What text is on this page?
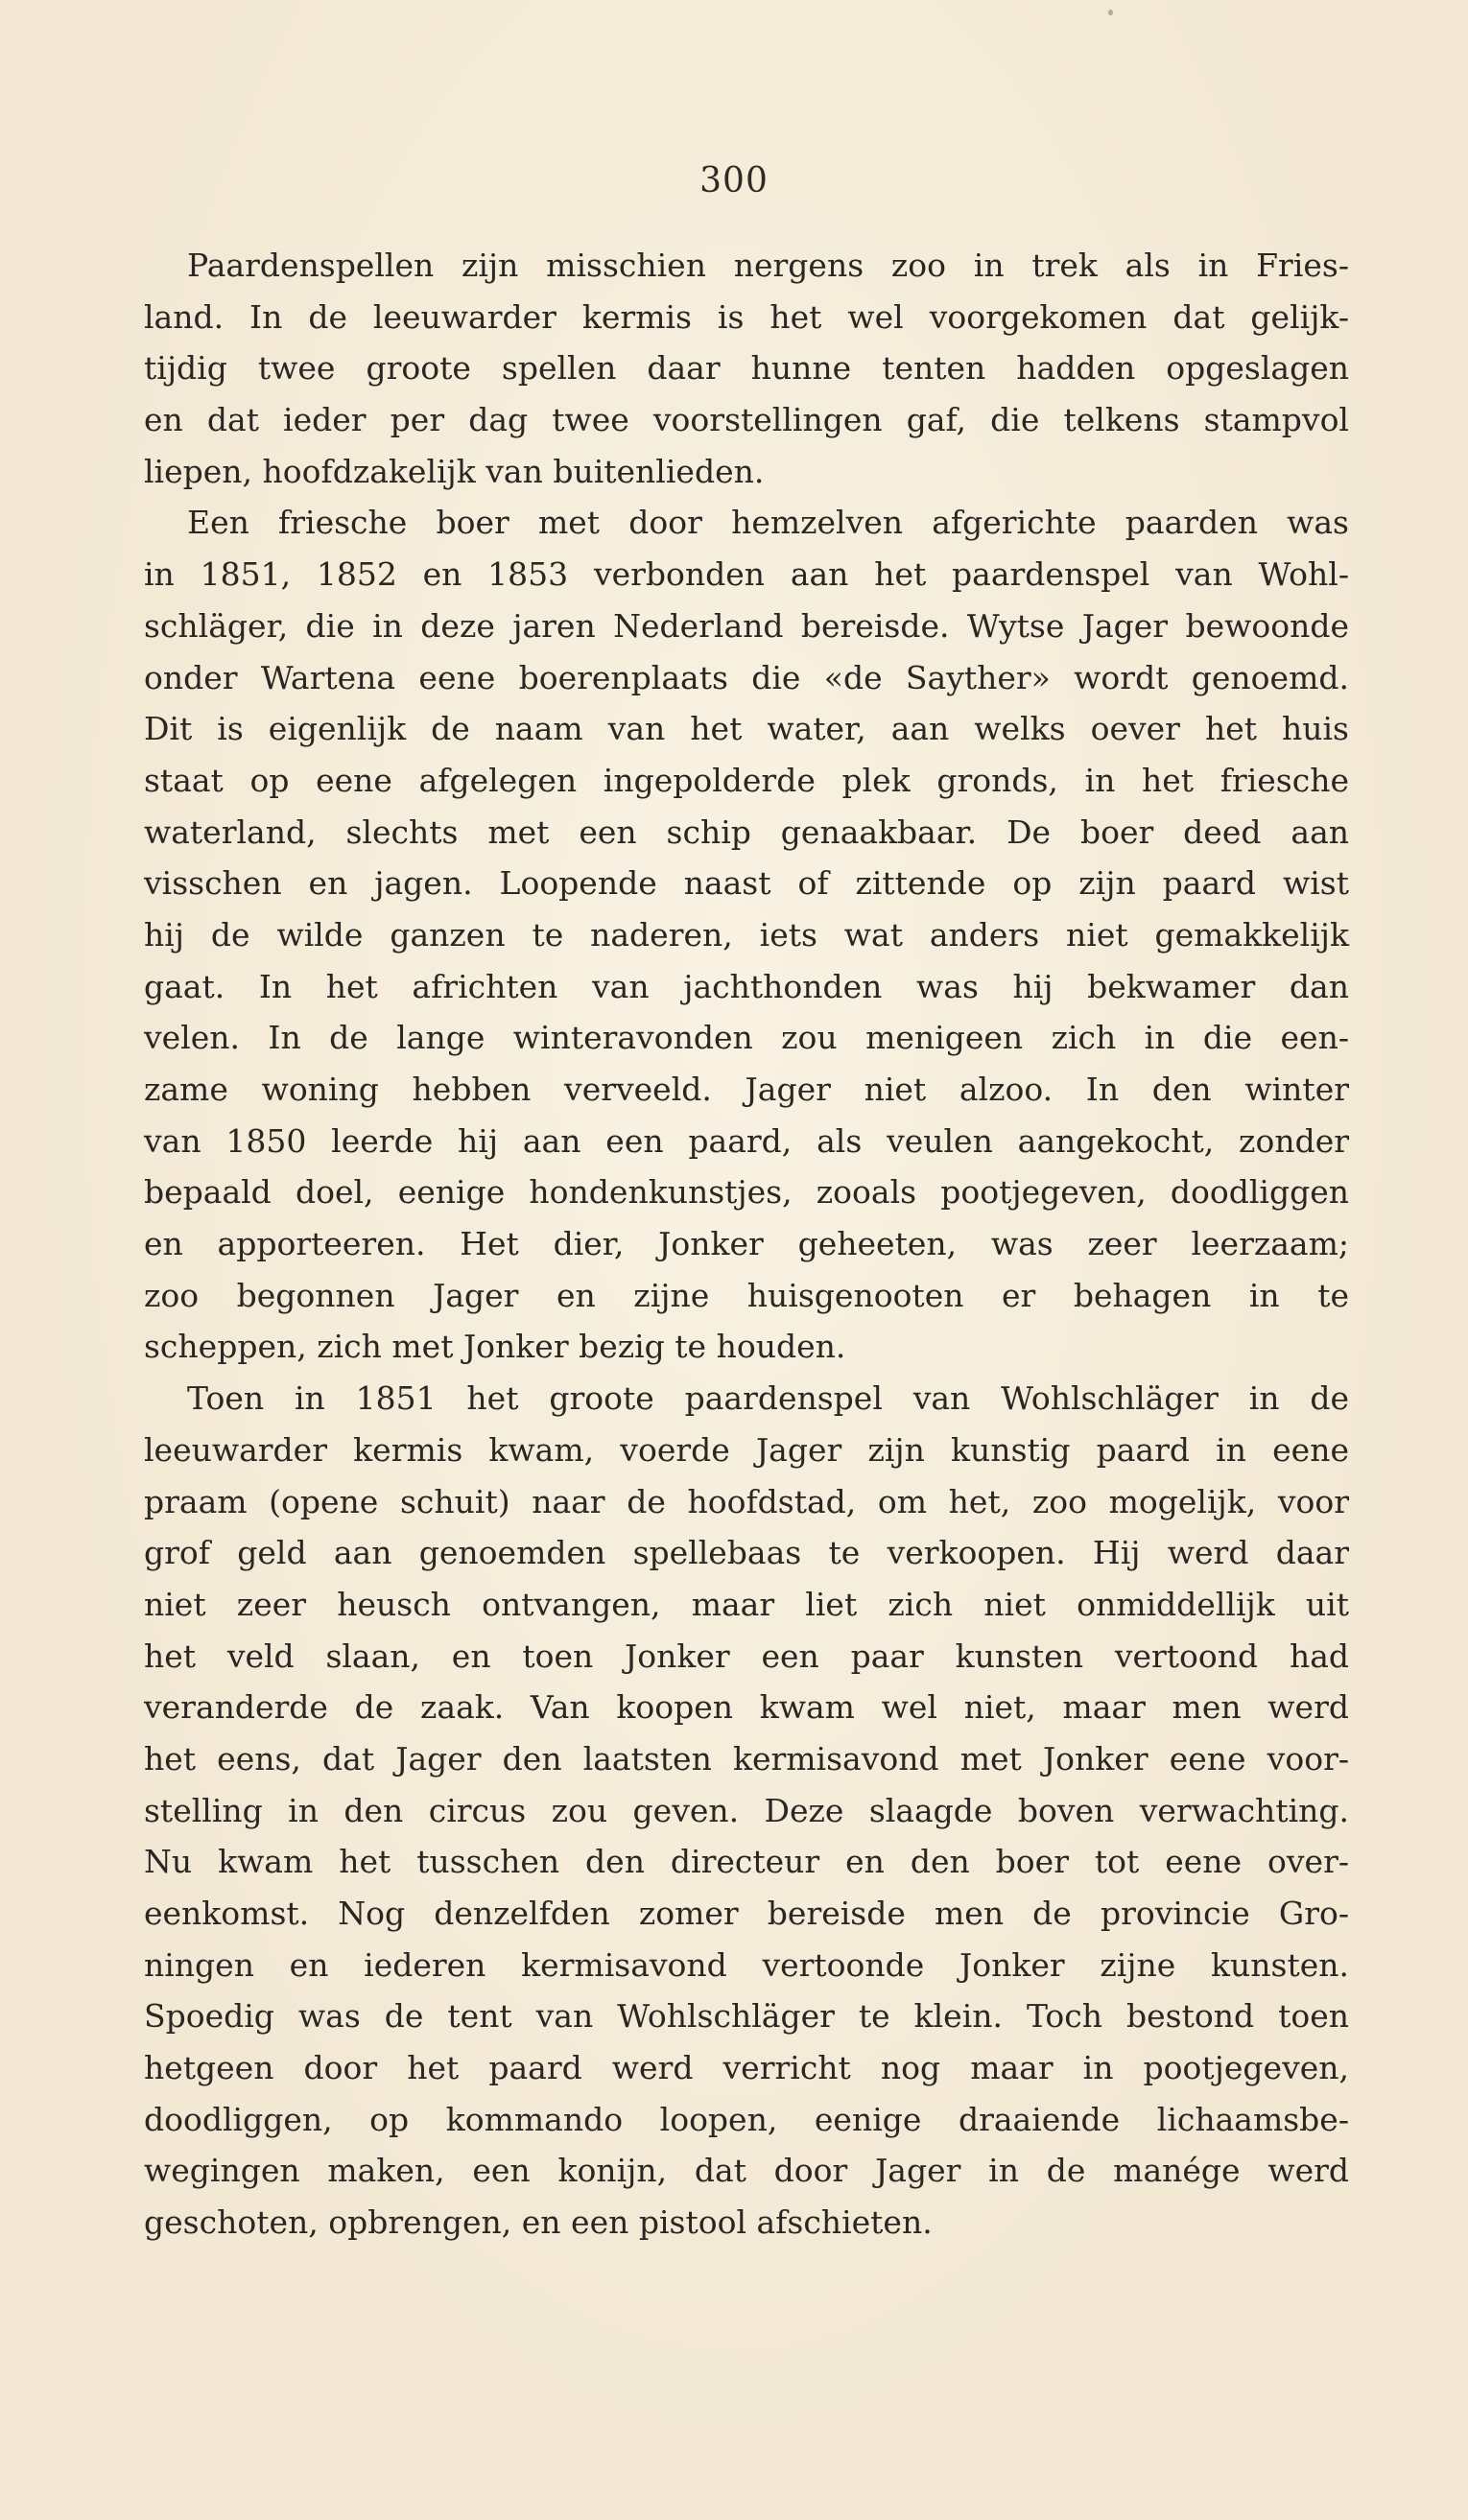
300
Paardenspellen zijn misschien nergens zoo in trek als in Fries-
land. In de leeuwarder kermis is het wel voorgekomen dat gelijk-
tijdig twee groote spellen daar hunne tenten hadden opgeslagen
en dat ieder per dag twee voorstellingen gaf, die telkens stampvol
liepen, hoofdzakelijk van buitenlieden.
Een friesche boer met door hemzelven afgerichte paarden was
in 1851, 1852 en 1853 verbonden aan het paardenspel van Wohl-
schläger, die in deze jaren Nederland bereisde. Wytse Jager bewoonde
onder Wartena eene boerenplaats die «de Sayther» wordt genoemd.
Dit is eigenlijk de naam van het water, aan welks oever het huis
staat op eene afgelegen ingepolderde plek gronds, in het friesche
waterland, slechts met een schip genaakbaar. De boer deed aan
visschen en jagen. Loopende naast of zittende op zijn paard wist
hij de wilde ganzen te naderen, iets wat anders niet gemakkelijk
gaat. In het africhten van jachthonden was hij bekwamer dan
velen. In de lange winteravonden zou menigeen zich in die een-
zame woning hebben verveeld. Jager niet alzoo. In den winter
van 1850 leerde hij aan een paard, als veulen aangekocht, zonder
bepaald doel, eenige hondenkunstjes, zooals pootjegeven, doodliggen
en apporteeren. Het dier, Jonker geheeten, was zeer leerzaam;
zoo begonnen Jager en zijne huisgenooten er behagen in te
scheppen, zich met Jonker bezig te houden.
Toen in 1851 het groote paardenspel van Wohlschläger in de
leeuwarder kermis kwam, voerde Jager zijn kunstig paard in eene
praam (opene schuit) naar de hoofdstad, om het, zoo mogelijk, voor
grof geld aan genoemden spellebaas te verkoopen. Hij werd daar
niet zeer heusch ontvangen, maar liet zich niet onmiddellijk uit
het veld slaan, en toen Jonker een paar kunsten vertoond had
veranderde de zaak. Van koopen kwam wel niet, maar men werd
het eens, dat Jager den laatsten kermisavond met Jonker eene voor-
stelling in den circus zou geven. Deze slaagde boven verwachting.
Nu kwam het tusschen den directeur en den boer tot eene over-
eenkomst. Nog denzelfden zomer bereisde men de provincie Gro-
ningen en iederen kermisavond vertoonde Jonker zijne kunsten.
Spoedig was de tent van Wohlschläger te klein. Toch bestond toen
hetgeen door het paard werd verricht nog maar in pootjegeven,
doodliggen, op kommando loopen, eenige draaiende lichaamsbe-
wegingen maken, een konijn, dat door Jager in de manége werd
geschoten, opbrengen, en een pistool afschieten.
